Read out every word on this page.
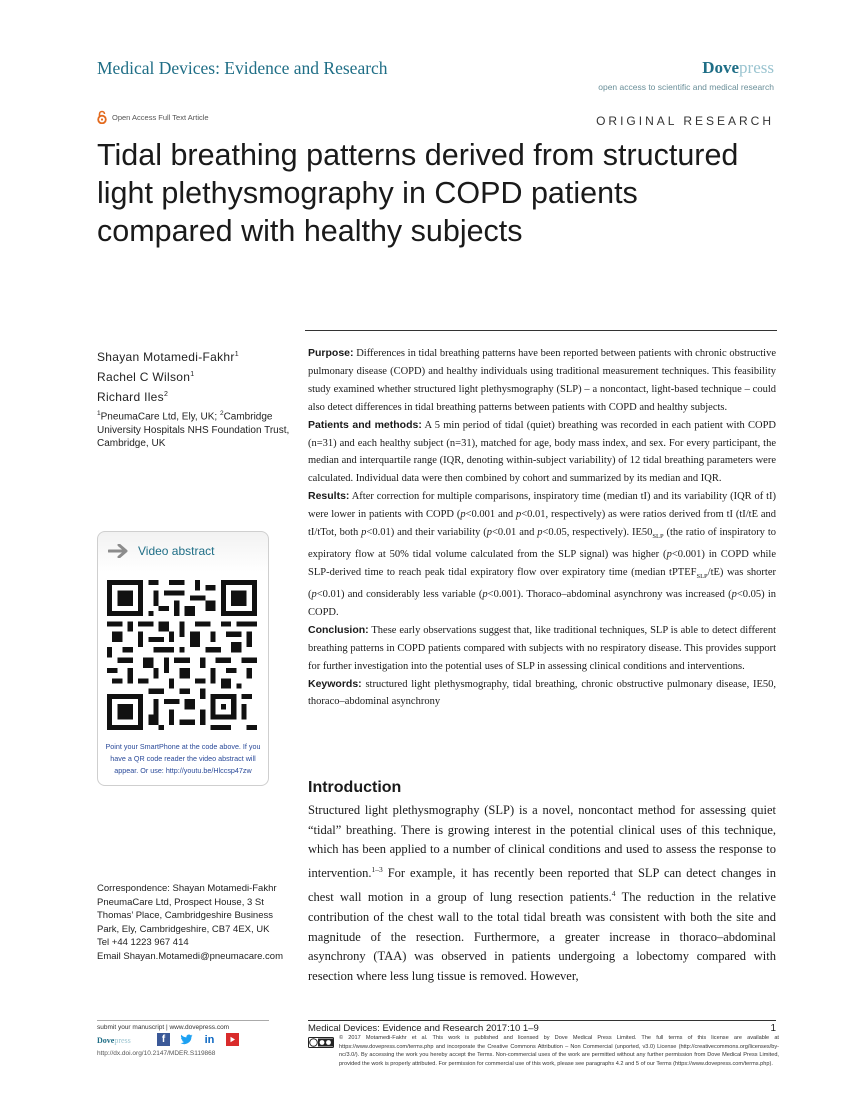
Medical Devices: Evidence and Research	Dovepress
open access to scientific and medical research
Open Access Full Text Article	ORIGINAL RESEARCH
Tidal breathing patterns derived from structured light plethysmography in COPD patients compared with healthy subjects
Shayan Motamedi-Fakhr$^1$
Rachel C Wilson$^1$
Richard Iles$^2$
$^1$PneumaCare Ltd, Ely, UK; $^2$Cambridge University Hospitals NHS Foundation Trust, Cambridge, UK

Purpose: Differences in tidal breathing patterns have been reported between patients with chronic obstructive pulmonary disease (COPD) and healthy individuals using traditional measurement techniques. This feasibility study examined whether structured light plethysmography (SLP) – a noncontact, light-based technique – could also detect differences in tidal breathing patterns between patients with COPD and healthy subjects.

Patients and methods: A 5 min period of tidal (quiet) breathing was recorded in each patient with COPD (n=31) and each healthy subject (n=31), matched for age, body mass index, and sex. For every participant, the median and interquartile range (IQR, denoting within-subject variability) of 12 tidal breathing parameters were calculated. Individual data were then combined by cohort and summarized by its median and IQR.

Results: After correction for multiple comparisons, inspiratory time (median tI) and its variability (IQR of tI) were lower in patients with COPD (p<0.001 and p<0.01, respectively) as were ratios derived from tI (tI/tE and tI/tTot, both p<0.01) and their variability (p<0.01 and p<0.05, respectively). $IE50_{SLP}$ (the ratio of inspiratory to expiratory flow at 50% tidal volume calculated from the SLP signal) was higher (p<0.001) in COPD while SLP-derived time to reach peak tidal expiratory flow over expiratory time (median tPTEF$_{SLP}$/tE) was shorter (p<0.01) and considerably less variable (p<0.001). Thoraco–abdominal asynchrony was increased (p<0.05) in COPD.

Conclusion: These early observations suggest that, like traditional techniques, SLP is able to detect different breathing patterns in COPD patients compared with subjects with no respiratory disease. This provides support for further investigation into the potential uses of SLP in assessing clinical conditions and interventions.

Keywords: structured light plethysmography, tidal breathing, chronic obstructive pulmonary disease, IE50, thoraco–abdominal asynchrony

Video abstract
Point your SmartPhone at the code above. If you have a QR code reader the video abstract will appear. Or use: http://youtu.be/Hlccsp47zw
Correspondence: Shayan Motamedi-Fakhr
PneumaCare Ltd, Prospect House, 3 St Thomas’ Place, Cambridgeshire Business Park, Ely, Cambridgeshire, CB7 4EX, UK
Tel +44 1223 967 414
Email Shayan.Motamedi@pneumacare.com
Introduction

Structured light plethysmography (SLP) is a novel, noncontact method for assessing quiet “tidal” breathing. There is growing interest in the potential clinical uses of this technique, which has been applied to a number of clinical conditions and used to assess the response to intervention.$^{1-3}$ For example, it has recently been reported that SLP can detect changes in chest wall motion in a group of lung resection patients.$^4$ The reduction in the relative contribution of the chest wall to the total tidal breath was consistent with both the site and magnitude of the resection. Furthermore, a greater increase in thoraco–abdominal asynchrony (TAA) was observed in patients undergoing a lobectomy compared with resection where less lung tissue is removed. However,

submit your manuscript | www.dovepress.com
Dovepress	f	in
http://dx.doi.org/10.2147/MDER.S119868
Medical Devices: Evidence and Research 2017:10 1–9	1
© 2017 Motamedi-Fakhr et al. This work is published and licensed by Dove Medical Press Limited. The full terms of this license are available at https://www.dovepress.com/terms.php and incorporate the Creative Commons Attribution – Non Commercial (unported, v3.0) License (http://creativecommons.org/licenses/by-nc/3.0/). By accessing the work you hereby accept the Terms. Non-commercial uses of the work are permitted without any further permission from Dove Medical Press Limited, provided the work is properly attributed. For permission for commercial use of this work, please see paragraphs 4.2 and 5 of our Terms (https://www.dovepress.com/terms.php).
